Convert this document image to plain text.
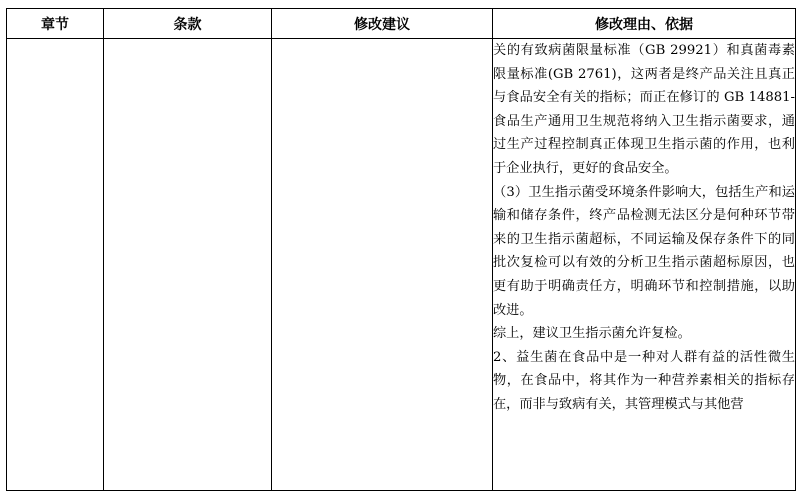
章节	条款	修改建议	修改理由、依据

			关的有致病菌限量标准（GB 29921）和真菌毒素限量标准(GB 2761)，这两者是终产品关注且真正与食品安全有关的指标；而正在修订的 GB 14881-食品生产通用卫生规范将纳入卫生指示菌要求，通过生产过程控制真正体现卫生指示菌的作用，也利于企业执行，更好的食品安全。

（3）卫生指示菌受环境条件影响大，包括生产和运输和储存条件，终产品检测无法区分是何种环节带来的卫生指示菌超标，不同运输及保存条件下的同批次复检可以有效的分析卫生指示菌超标原因，也更有助于明确责任方，明确环节和控制措施，以助改进。

综上，建议卫生指示菌允许复检。

2、益生菌在食品中是一种对人群有益的活性微生物，在食品中，将其作为一种营养素相关的指标存在，而非与致病有关，其管理模式与其他营
